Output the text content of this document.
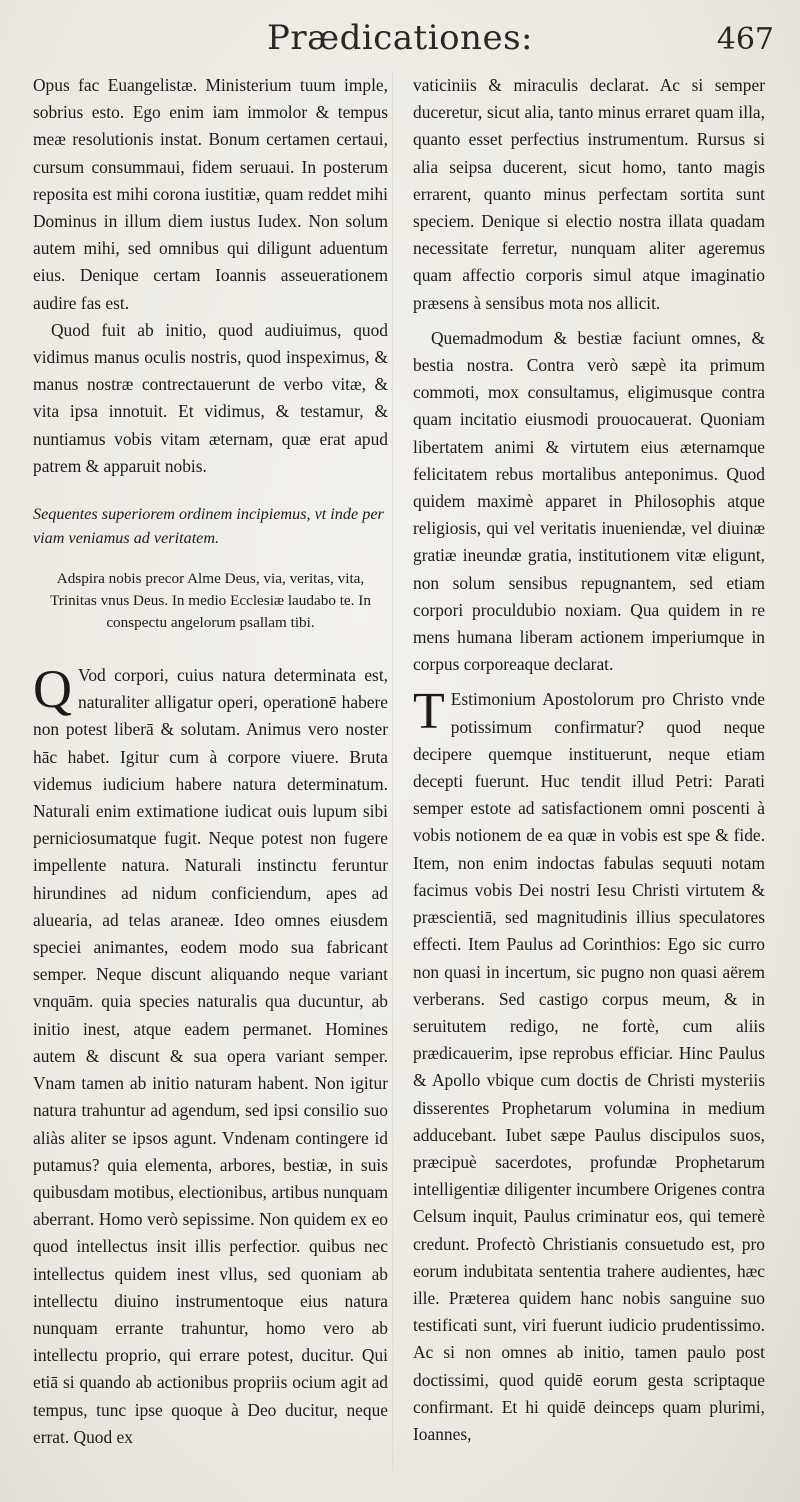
Prædicationes:	467

Opus fac Euangelistæ. Ministerium tuum imple, sobrius esto. Ego enim iam immolor & tempus meæ resolutionis instat. Bonum certamen certaui, cursum consummaui, fidem seruaui. In posterum reposita est mihi corona iustitiæ, quam reddet mihi Dominus in illum diem iustus Iudex. Non solum autem mihi, sed omnibus qui diligunt aduentum eius. Denique certam Ioannis asseuerationem audire fas est.

Quod fuit ab initio, quod audiuimus, quod vidimus manus oculis nostris, quod inspeximus, & manus nostræ contrectauerunt de verbo vitæ, & vita ipsa innotuit. Et vidimus, & testamur, & nuntiamus vobis vitam æternam, quæ erat apud patrem & apparuit nobis.

Sequentes superiorem ordinem incipiemus, vt inde per viam veniamus ad veritatem.

Adspira nobis precor Alme Deus, via, veritas, vita, Trinitas vnus Deus. In medio Ecclesiæ laudabo te. In conspectu angelorum psallam tibi.

Q Vod corpori, cuius natura determinata est, naturaliter alligatur operi, operationē habere non potest liberā & solutam. Animus vero noster hāc habet. Igitur cum à corpore viuere. Bruta videmus iudicium habere natura determinatum. Naturali enim extimatione iudicat ouis lupum sibi perniciosumatque fugit. Neque potest non fugere impellente natura. Naturali instinctu feruntur hirundines ad nidum conficiendum, apes ad aluearia, ad telas araneæ. Ideo omnes eiusdem speciei animantes, eodem modo sua fabricant semper. Neque discunt aliquando neque variant vnquām. quia species naturalis qua ducuntur, ab initio inest, atque eadem permanet. Homines autem & discunt & sua opera variant semper. Vnam tamen ab initio naturam habent. Non igitur natura trahuntur ad agendum, sed ipsi consilio suo aliàs aliter se ipsos agunt. Vndenam contingere id putamus? quia elementa, arbores, bestiæ, in suis quibusdam motibus, electionibus, artibus nunquam aberrant. Homo verò sepissime. Non quidem ex eo quod intellectus insit illis perfectior. quibus nec intellectus quidem inest vllus, sed quoniam ab intellectu diuino instrumentoque eius natura nunquam errante trahuntur, homo vero ab intellectu proprio, qui errare potest, ducitur. Qui etiā si quando ab actionibus propriis ocium agit ad tempus, tunc ipse quoque à Deo ducitur, neque errat. Quod ex

vaticiniis & miraculis declarat. Ac si semper duceretur, sicut alia, tanto minus erraret quam illa, quanto esset perfectius instrumentum. Rursus si alia seipsa ducerent, sicut homo, tanto magis errarent, quanto minus perfectam sortita sunt speciem. Denique si electio nostra illata quadam necessitate ferretur, nunquam aliter ageremus quam affectio corporis simul atque imaginatio præsens à sensibus mota nos allicit.

Quemadmodum & bestiæ faciunt omnes, & bestia nostra. Contra verò sæpè ita primum commoti, mox consultamus, eligimusque contra quam incitatio eiusmodi prouocauerat. Quoniam libertatem animi & virtutem eius æternamque felicitatem rebus mortalibus anteponimus. Quod quidem maximè apparet in Philosophis atque religiosis, qui vel veritatis inueniendæ, vel diuinæ gratiæ ineundæ gratia, institutionem vitæ eligunt, non solum sensibus repugnantem, sed etiam corpori proculdubio noxiam. Qua quidem in re mens humana liberam actionem imperiumque in corpus corporeaque declarat.

T Estimonium Apostolorum pro Christo vnde potissimum confirmatur? quod neque decipere quemque instituerunt, neque etiam decepti fuerunt. Huc tendit illud Petri: Parati semper estote ad satisfactionem omni poscenti à vobis notionem de ea quæ in vobis est spe & fide. Item, non enim indoctas fabulas sequuti notam facimus vobis Dei nostri Iesu Christi virtutem & præscientiā, sed magnitudinis illius speculatores effecti. Item Paulus ad Corinthios: Ego sic curro non quasi in incertum, sic pugno non quasi aërem verberans. Sed castigo corpus meum, & in seruitutem redigo, ne fortè, cum aliis prædicauerim, ipse reprobus efficiar. Hinc Paulus & Apollo vbique cum doctis de Christi mysteriis disserentes Prophetarum volumina in medium adducebant. Iubet sæpe Paulus discipulos suos, præcipuè sacerdotes, profundæ Prophetarum intelligentiæ diligenter incumbere Origenes contra Celsum inquit, Paulus criminatur eos, qui temerè credunt. Profectò Christianis consuetudo est, pro eorum indubitata sententia trahere audientes, hæc ille. Præterea quidem hanc nobis sanguine suo testificati sunt, viri fuerunt iudicio prudentissimo. Ac si non omnes ab initio, tamen paulo post doctissimi, quod quidē eorum gesta scriptaque confirmant. Et hi quidē deinceps quam plurimi, Ioannes,
